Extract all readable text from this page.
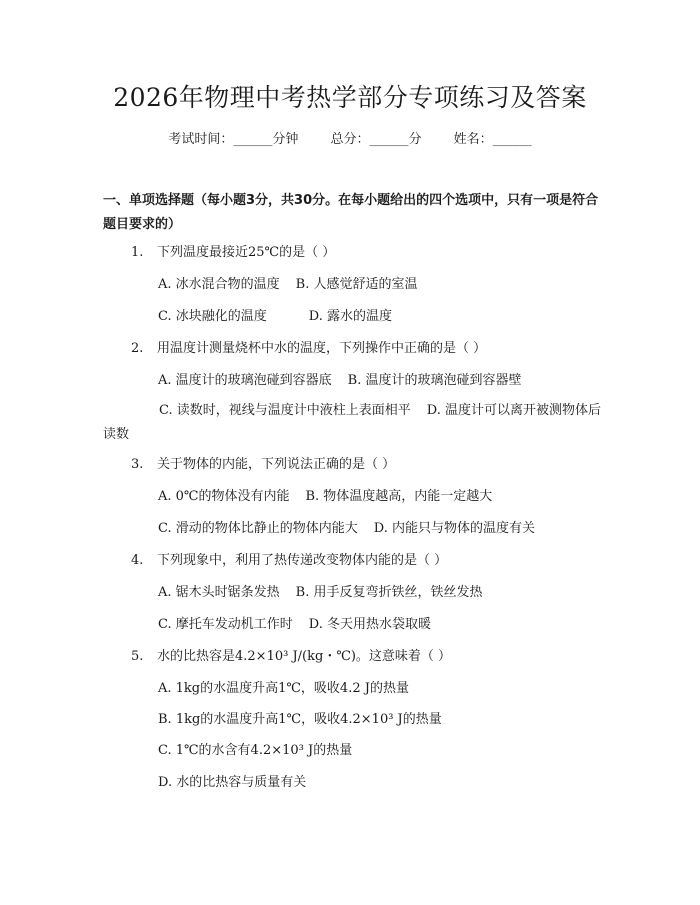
2026年物理中考热学部分专项练习及答案
考试时间：______分钟 总分：______分 姓名：______
一、单项选择题（每小题3分，共30分。在每小题给出的四个选项中，只有一项是符合题目要求的）
1. 下列温度最接近25℃的是（ ）
A. 冰水混合物的温度 B. 人感觉舒适的室温
C. 冰块融化的温度	D. 露水的温度
2. 用温度计测量烧杯中水的温度，下列操作中正确的是（ ）
A. 温度计的玻璃泡碰到容器底 B. 温度计的玻璃泡碰到容器壁
C. 读数时，视线与温度计中液柱上表面相平 D. 温度计可以离开被测物体后读数
3. 关于物体的内能，下列说法正确的是（ ）
A. 0℃的物体没有内能 B. 物体温度越高，内能一定越大
C. 滑动的物体比静止的物体内能大 D. 内能只与物体的温度有关
4. 下列现象中，利用了热传递改变物体内能的是（ ）
A. 锯木头时锯条发热 B. 用手反复弯折铁丝，铁丝发热
C. 摩托车发动机工作时 D. 冬天用热水袋取暖
5. 水的比热容是4.2×10³ J/(kg・℃)。这意味着（ ）
A. 1kg的水温度升高1℃，吸收4.2 J的热量
B. 1kg的水温度升高1℃，吸收4.2×10³ J的热量
C. 1℃的水含有4.2×10³ J的热量
D. 水的比热容与质量有关
